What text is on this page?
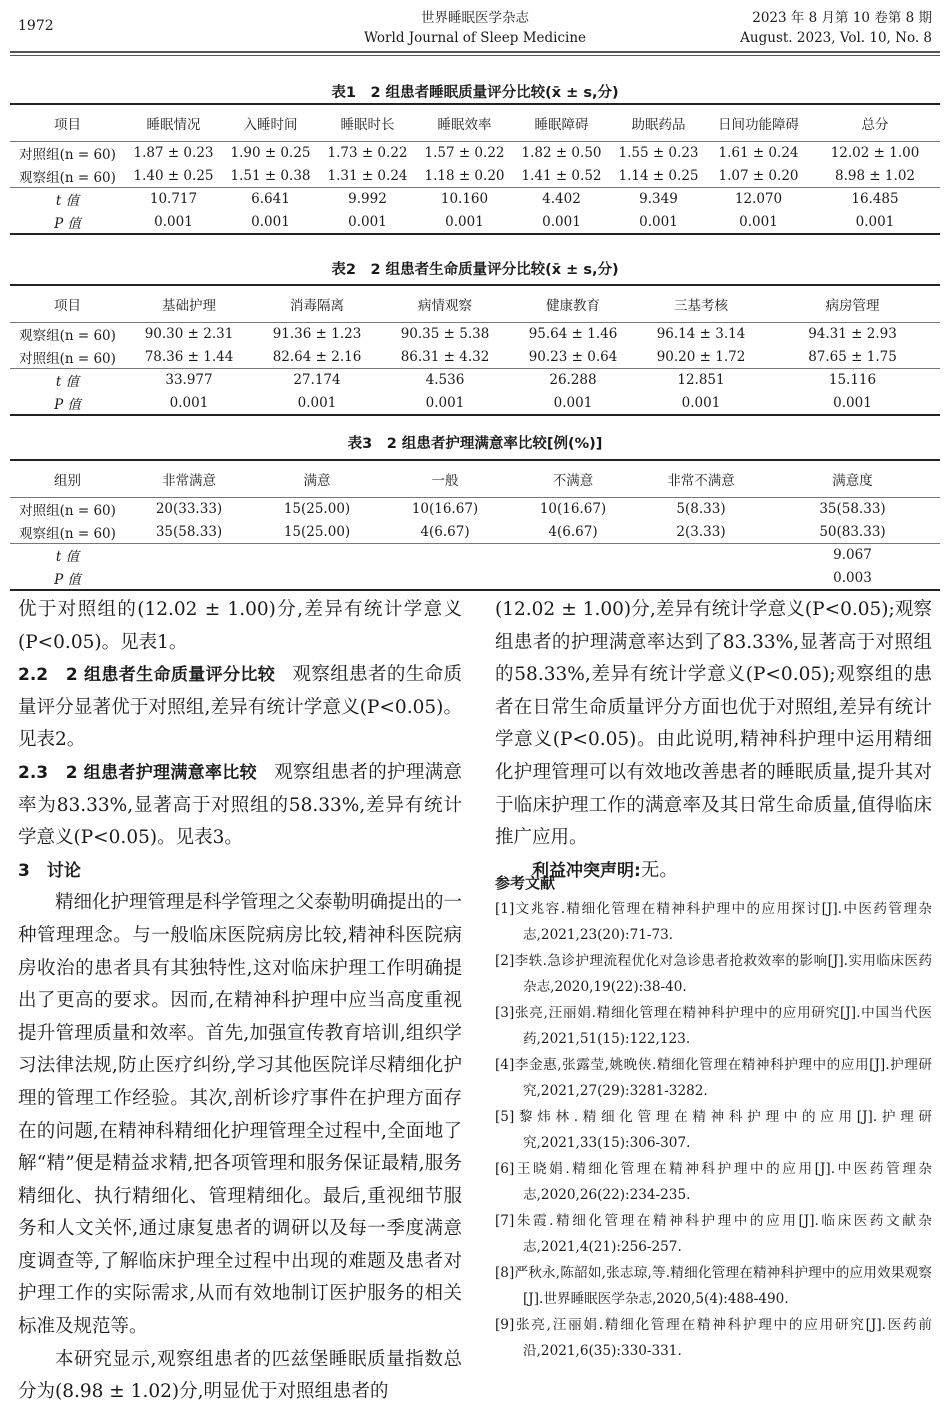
1972	世界睡眠医学杂志
World Journal of Sleep Medicine
2023 年 8 月第 10 卷第 8 期
August. 2023, Vol. 10, No. 8
表1　2 组患者睡眠质量评分比较(x̄ ± s,分)
项目	睡眠情况	入睡时间	睡眠时长	睡眠效率	睡眠障碍	助眠药品	日间功能障碍	总分
对照组(n = 60)	1.87 ± 0.23	1.90 ± 0.25	1.73 ± 0.22	1.57 ± 0.22	1.82 ± 0.50	1.55 ± 0.23	1.61 ± 0.24	12.02 ± 1.00
观察组(n = 60)	1.40 ± 0.25	1.51 ± 0.38	1.31 ± 0.24	1.18 ± 0.20	1.41 ± 0.52	1.14 ± 0.25	1.07 ± 0.20	8.98 ± 1.02
t 值	10.717	6.641	9.992	10.160	4.402	9.349	12.070	16.485
P 值	0.001	0.001	0.001	0.001	0.001	0.001	0.001	0.001
表2　2 组患者生命质量评分比较(x̄ ± s,分)
项目	基础护理	消毒隔离	病情观察	健康教育	三基考核	病房管理
观察组(n = 60)	90.30 ± 2.31	91.36 ± 1.23	90.35 ± 5.38	95.64 ± 1.46	96.14 ± 3.14	94.31 ± 2.93
对照组(n = 60)	78.36 ± 1.44	82.64 ± 2.16	86.31 ± 4.32	90.23 ± 0.64	90.20 ± 1.72	87.65 ± 1.75
t 值	33.977	27.174	4.536	26.288	12.851	15.116
P 值	0.001	0.001	0.001	0.001	0.001	0.001
表3　2 组患者护理满意率比较[例(%)]
组别	非常满意	满意	一般	不满意	非常不满意	满意度
对照组(n = 60)	20(33.33)	15(25.00)	10(16.67)	10(16.67)	5(8.33)	35(58.33)
观察组(n = 60)	35(58.33)	15(25.00)	4(6.67)	4(6.67)	2(3.33)	50(83.33)
t 值						9.067
P 值						0.003

优于对照组的(12.02 ± 1.00)分,差异有统计学意义(P<0.05)。见表1。

2.2　2 组患者生命质量评分比较　观察组患者的生命质量评分显著优于对照组,差异有统计学意义(P<0.05)。见表2。

2.3　2 组患者护理满意率比较　观察组患者的护理满意率为83.33%,显著高于对照组的58.33%,差异有统计学意义(P<0.05)。见表3。

3　讨论

精细化护理管理是科学管理之父泰勒明确提出的一种管理理念。与一般临床医院病房比较,精神科医院病房收治的患者具有其独特性,这对临床护理工作明确提出了更高的要求。因而,在精神科护理中应当高度重视提升管理质量和效率。首先,加强宣传教育培训,组织学习法律法规,防止医疗纠纷,学习其他医院详尽精细化护理的管理工作经验。其次,剖析诊疗事件在护理方面存在的问题,在精神科精细化护理管理全过程中,全面地了解“精”便是精益求精,把各项管理和服务保证最精,服务精细化、执行精细化、管理精细化。最后,重视细节服务和人文关怀,通过康复患者的调研以及每一季度满意度调查等,了解临床护理全过程中出现的难题及患者对护理工作的实际需求,从而有效地制订医护服务的相关标准及规范等。

本研究显示,观察组患者的匹兹堡睡眠质量指数总分为(8.98 ± 1.02)分,明显优于对照组患者的

(12.02 ± 1.00)分,差异有统计学意义(P<0.05);观察组患者的护理满意率达到了83.33%,显著高于对照组的58.33%,差异有统计学意义(P<0.05);观察组的患者在日常生命质量评分方面也优于对照组,差异有统计学意义(P<0.05)。由此说明,精神科护理中运用精细化护理管理可以有效地改善患者的睡眠质量,提升其对于临床护理工作的满意率及其日常生命质量,值得临床推广应用。

利益冲突声明:无。

参考文献
[1]文兆容.精细化管理在精神科护理中的应用探讨[J].中医药管理杂志,2021,23(20):71-73.
[2]李轶.急诊护理流程优化对急诊患者抢救效率的影响[J].实用临床医药杂志,2020,19(22):38-40.
[3]张亮,汪丽娟.精细化管理在精神科护理中的应用研究[J].中国当代医药,2021,51(15):122,123.
[4]李金惠,张露莹,姚晚侠.精细化管理在精神科护理中的应用[J].护理研究,2021,27(29):3281-3282.
[5]黎炜林.精细化管理在精神科护理中的应用[J].护理研究,2021,33(15):306-307.
[6]王晓娟.精细化管理在精神科护理中的应用[J].中医药管理杂志,2020,26(22):234-235.
[7]朱霞.精细化管理在精神科护理中的应用[J].临床医药文献杂志,2021,4(21):256-257.
[8]严秋永,陈韶如,张志琼,等.精细化管理在精神科护理中的应用效果观察[J].世界睡眠医学杂志,2020,5(4):488-490.
[9]张亮,汪丽娟.精细化管理在精神科护理中的应用研究[J].医药前沿,2021,6(35):330-331.
